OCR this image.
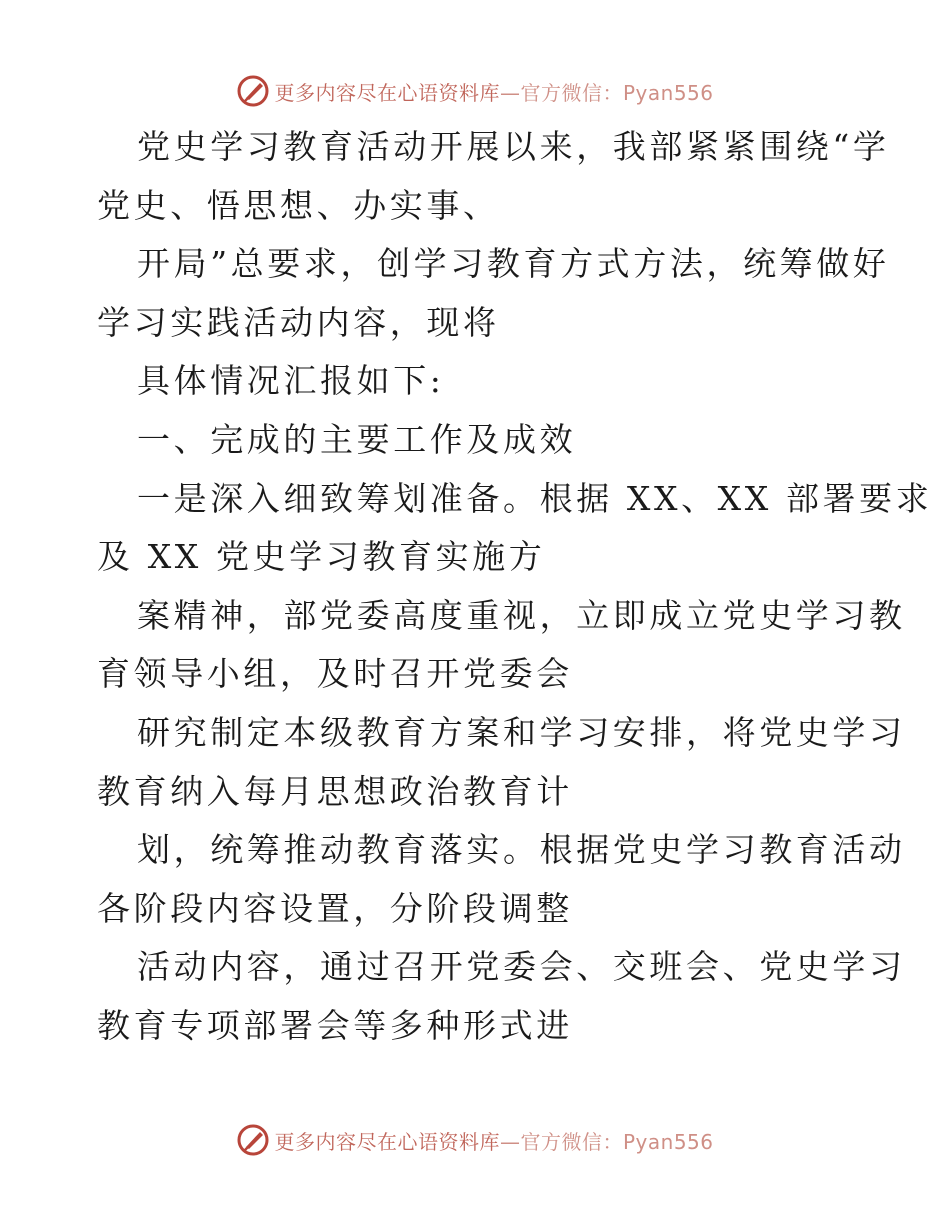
更多内容尽在心语资料库—官方微信：Pyan556
党史学习教育活动开展以来，我部紧紧围绕“学
党史、悟思想、办实事、
开局”总要求，创学习教育方式方法，统筹做好
学习实践活动内容，现将
具体情况汇报如下:
一、完成的主要工作及成效
一是深入细致筹划准备。根据 XX、XX 部署要求
及 XX 党史学习教育实施方
案精神，部党委高度重视，立即成立党史学习教
育领导小组，及时召开党委会
研究制定本级教育方案和学习安排，将党史学习
教育纳入每月思想政治教育计
划，统筹推动教育落实。根据党史学习教育活动
各阶段内容设置，分阶段调整
活动内容，通过召开党委会、交班会、党史学习
教育专项部署会等多种形式进
更多内容尽在心语资料库—官方微信：Pyan556
